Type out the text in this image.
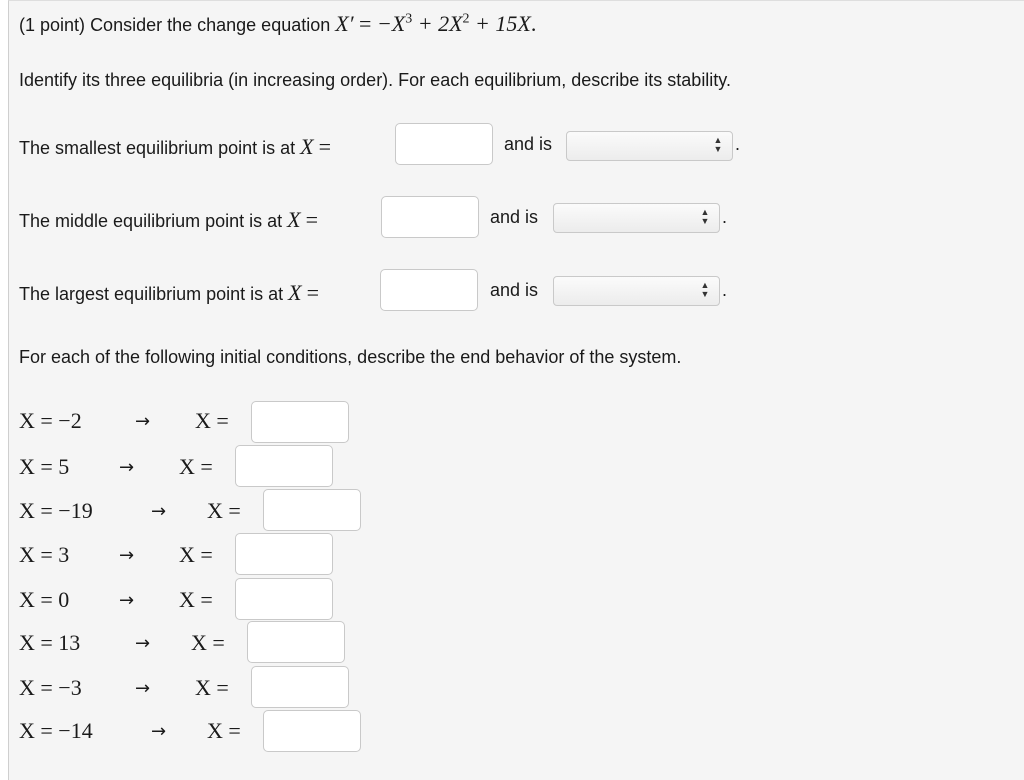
(1 point) Consider the change equation $X' = -X^3 + 2X^2 + 15X$.
Identify its three equilibria (in increasing order). For each equilibrium, describe its stability.
The smallest equilibrium point is at X =	and is	▲
▼ .
The middle equilibrium point is at X =	and is	▲
▼ .
The largest equilibrium point is at X =	and is	▲
▼ .
For each of the following initial conditions, describe the end behavior of the system.
X = −2	→ X =
X = 5	→ X =
X = −19	→ X =
X = 3	→ X =
X = 0	→ X =
X = 13	→ X =
X = −3	→ X =
X = −14	→ X =
